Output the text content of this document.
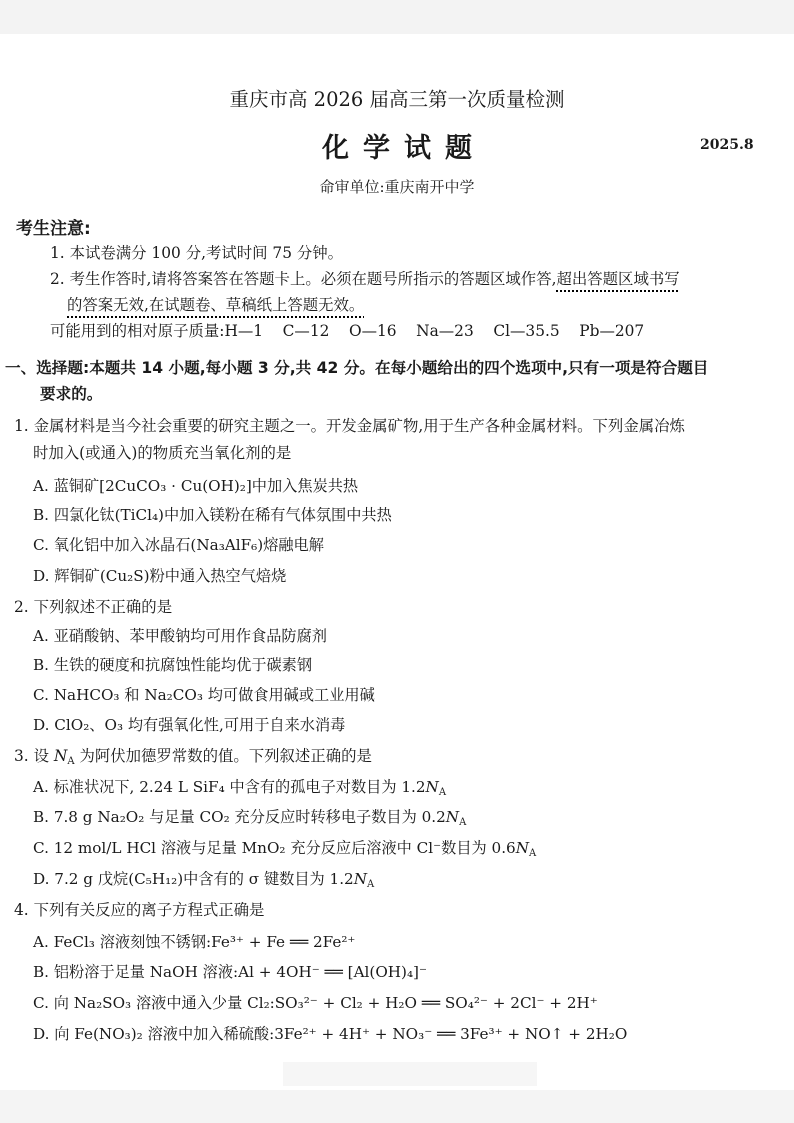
重庆市高 2026 届高三第一次质量检测
化学试题	2025.8
命审单位:重庆南开中学
考生注意:
1. 本试卷满分 100 分,考试时间 75 分钟。
2. 考生作答时,请将答案答在答题卡上。必须在题号所指示的答题区域作答,超出答题区域书写
的答案无效,在试题卷、草稿纸上答题无效。
可能用到的相对原子质量:H—1    C—12    O—16    Na—23    Cl—35.5    Pb—207
一、选择题:本题共 14 小题,每小题 3 分,共 42 分。在每小题给出的四个选项中,只有一项是符合题目
要求的。
1. 金属材料是当今社会重要的研究主题之一。开发金属矿物,用于生产各种金属材料。下列金属冶炼
时加入(或通入)的物质充当氧化剂的是
A. 蓝铜矿[2CuCO₃ · Cu(OH)₂]中加入焦炭共热
B. 四氯化钛(TiCl₄)中加入镁粉在稀有气体氛围中共热
C. 氧化铝中加入冰晶石(Na₃AlF₆)熔融电解
D. 辉铜矿(Cu₂S)粉中通入热空气焙烧
2. 下列叙述不正确的是
A. 亚硝酸钠、苯甲酸钠均可用作食品防腐剂
B. 生铁的硬度和抗腐蚀性能均优于碳素钢
C. NaHCO₃ 和 Na₂CO₃ 均可做食用碱或工业用碱
D. ClO₂、O₃ 均有强氧化性,可用于自来水消毒
3. 设 $N_A$ 为阿伏加德罗常数的值。下列叙述正确的是
A. 标准状况下, 2.24 L SiF₄ 中含有的孤电子对数目为 $1.2N_A$
B. 7.8 g Na₂O₂ 与足量 CO₂ 充分反应时转移电子数目为 $0.2N_A$
C. 12 mol/L HCl 溶液与足量 MnO₂ 充分反应后溶液中 Cl⁻数目为 $0.6N_A$
D. 7.2 g 戊烷(C₅H₁₂)中含有的 σ 键数目为 $1.2N_A$
4. 下列有关反应的离子方程式正确是
A. FeCl₃ 溶液刻蚀不锈钢:Fe³⁺ + Fe ══ 2Fe²⁺
B. 铝粉溶于足量 NaOH 溶液:Al + 4OH⁻ ══ [Al(OH)₄]⁻
C. 向 Na₂SO₃ 溶液中通入少量 Cl₂:SO₃²⁻ + Cl₂ + H₂O ══ SO₄²⁻ + 2Cl⁻ + 2H⁺
D. 向 Fe(NO₃)₂ 溶液中加入稀硫酸:3Fe²⁺ + 4H⁺ + NO₃⁻ ══ 3Fe³⁺ + NO↑ + 2H₂O
